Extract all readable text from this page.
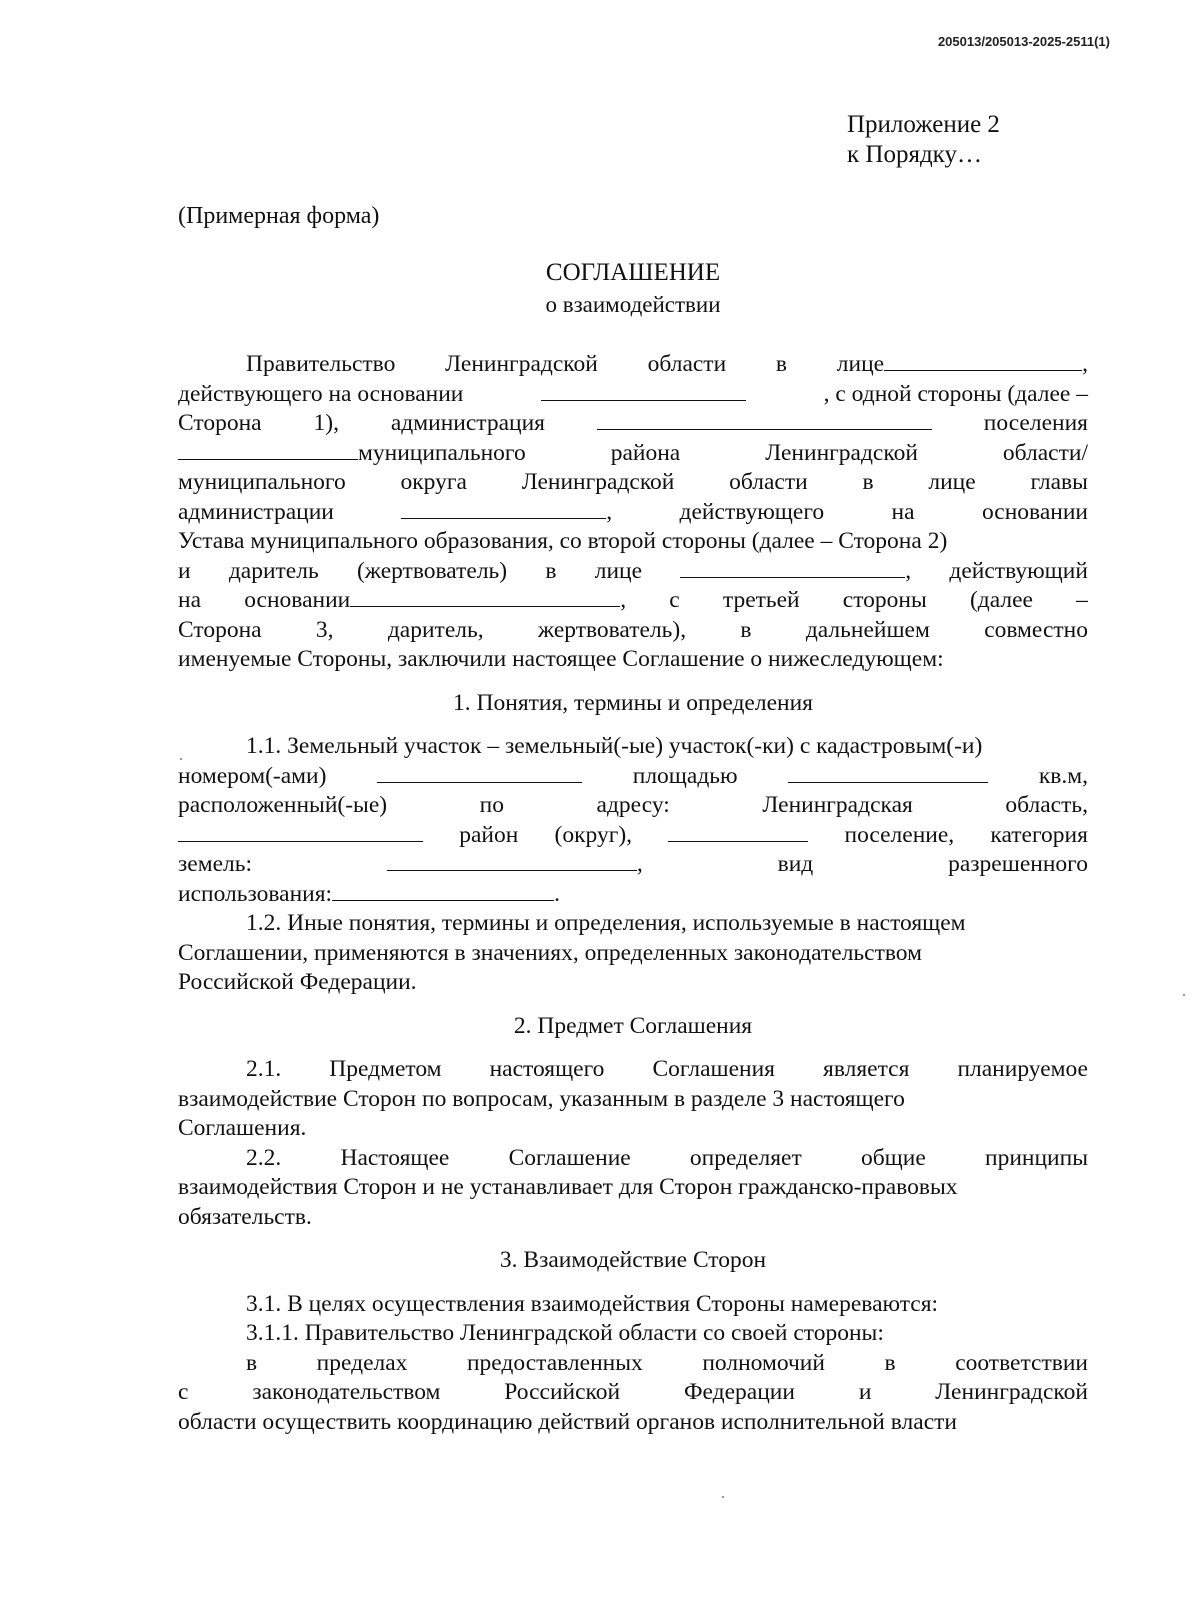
205013/205013-2025-2511(1)
Приложение 2
к Порядку…
(Примерная форма)
СОГЛАШЕНИЕ
о взаимодействии
Правительство Ленинградской области в лице	,
действующего на основании	, с одной стороны (далее –
Сторона 1), администрация	поселения
муниципального	района	Ленинградской	области/
муниципального округа Ленинградской области в лице главы
администрации	,	действующего	на	основании
Устава муниципального образования, со второй стороны (далее – Сторона 2)
и даритель (жертвователь) в лице	, действующий
на основании	, с третьей стороны (далее –
Сторона 3, даритель, жертвователь), в дальнейшем совместно
именуемые Стороны, заключили настоящее Соглашение о нижеследующем:
1. Понятия, термины и определения
1.1. Земельный участок – земельный(-ые) участок(-ки) с кадастровым(-и)
номером(-ами)	площадью	кв.м,
расположенный(-ые)	по	адресу:	Ленинградская	область,
район (округ),	поселение, категория
земель:	,	вид	разрешенного
использования:	.
1.2. Иные понятия, термины и определения, используемые в настоящем
Соглашении, применяются в значениях, определенных законодательством
Российской Федерации.
2. Предмет Соглашения
2.1. Предметом настоящего Соглашения является планируемое
взаимодействие Сторон по вопросам, указанным в разделе 3 настоящего
Соглашения.
2.2.	Настоящее	Соглашение	определяет	общие	принципы
взаимодействия Сторон и не устанавливает для Сторон гражданско-правовых
обязательств.
3. Взаимодействие Сторон
3.1. В целях осуществления взаимодействия Стороны намереваются:
3.1.1. Правительство Ленинградской области со своей стороны:
в	пределах	предоставленных	полномочий	в	соответствии
с	законодательством	Российской	Федерации	и	Ленинградской
области осуществить координацию действий органов исполнительной власти
